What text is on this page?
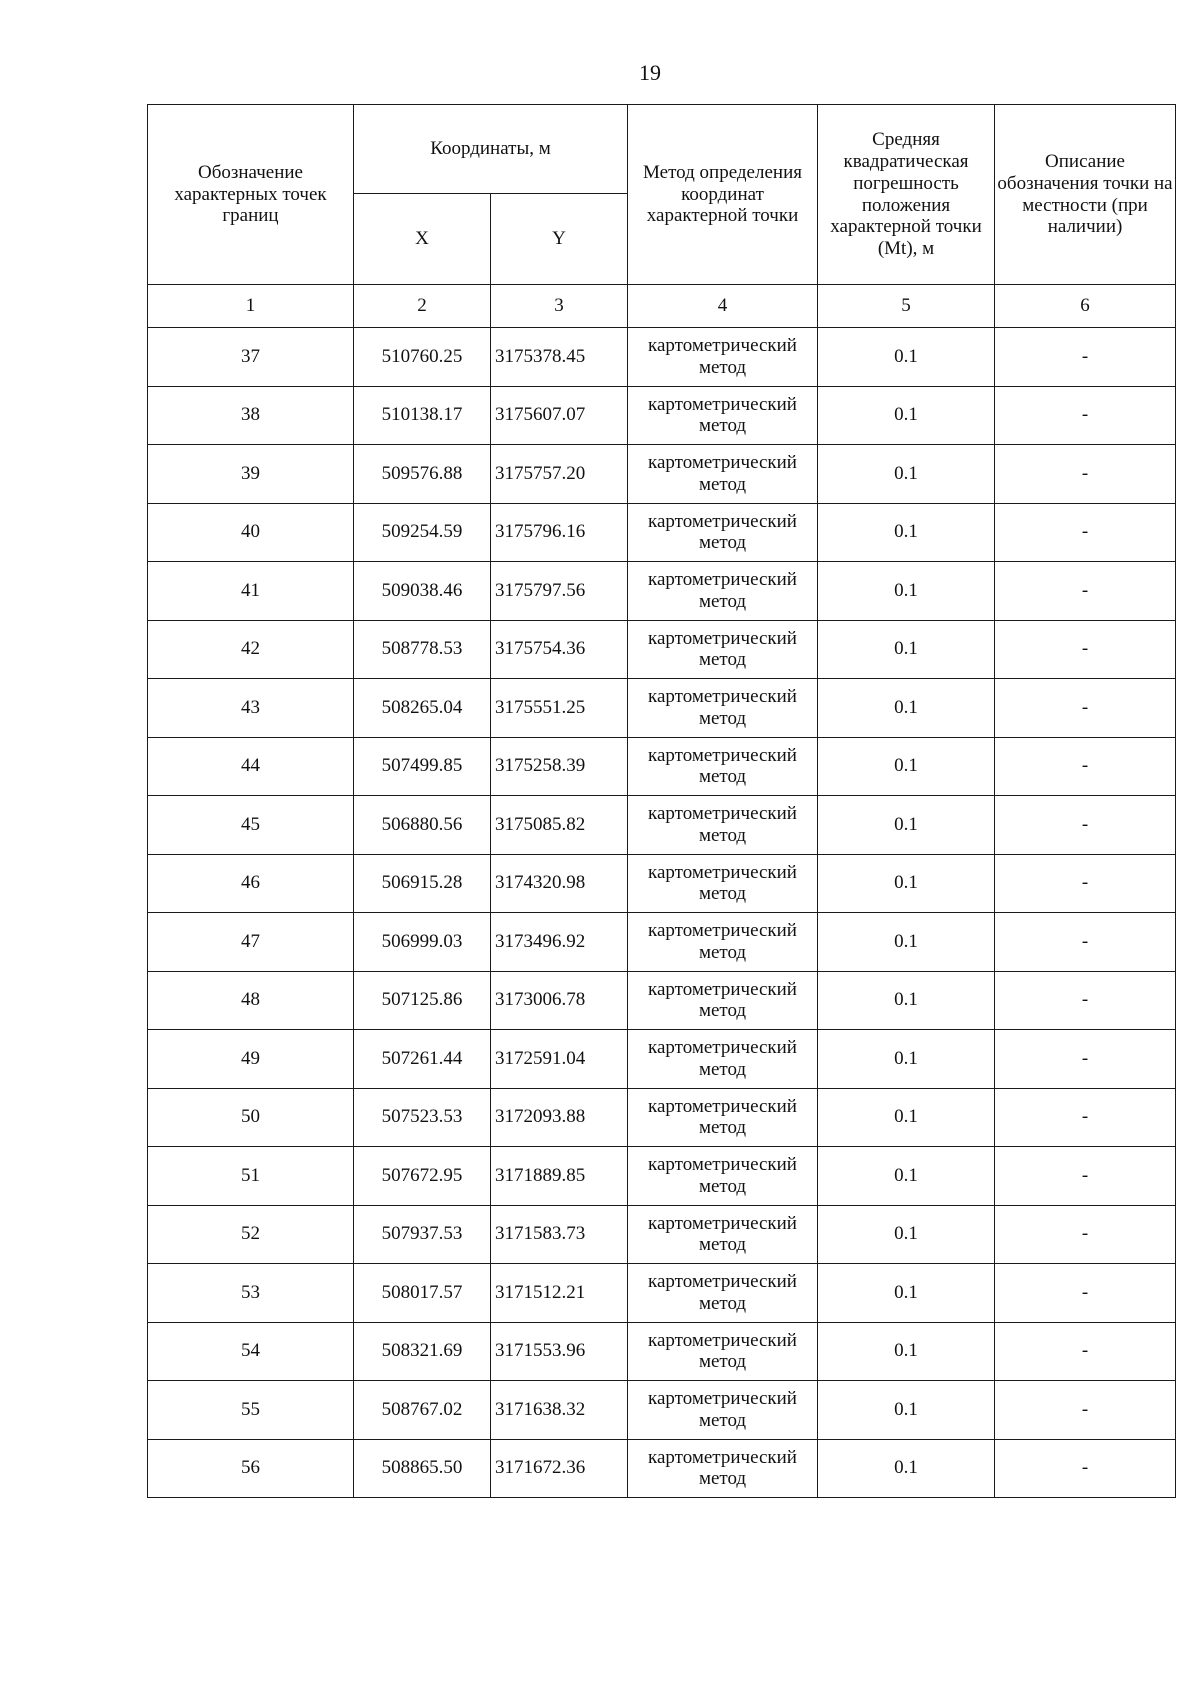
19
Обозначение характерных точек границ	Координаты, м		Метод определения координат характерной точки	Средняя квадратическая погрешность положения характерной точки (Mt), м	Описание обозначения точки на местности (при наличии)
	X	Y			
1	2	3	4	5	6
37	510760.25	3175378.45	картометрический метод	0.1	-
38	510138.17	3175607.07	картометрический метод	0.1	-
39	509576.88	3175757.20	картометрический метод	0.1	-
40	509254.59	3175796.16	картометрический метод	0.1	-
41	509038.46	3175797.56	картометрический метод	0.1	-
42	508778.53	3175754.36	картометрический метод	0.1	-
43	508265.04	3175551.25	картометрический метод	0.1	-
44	507499.85	3175258.39	картометрический метод	0.1	-
45	506880.56	3175085.82	картометрический метод	0.1	-
46	506915.28	3174320.98	картометрический метод	0.1	-
47	506999.03	3173496.92	картометрический метод	0.1	-
48	507125.86	3173006.78	картометрический метод	0.1	-
49	507261.44	3172591.04	картометрический метод	0.1	-
50	507523.53	3172093.88	картометрический метод	0.1	-
51	507672.95	3171889.85	картометрический метод	0.1	-
52	507937.53	3171583.73	картометрический метод	0.1	-
53	508017.57	3171512.21	картометрический метод	0.1	-
54	508321.69	3171553.96	картометрический метод	0.1	-
55	508767.02	3171638.32	картометрический метод	0.1	-
56	508865.50	3171672.36	картометрический метод	0.1	-
